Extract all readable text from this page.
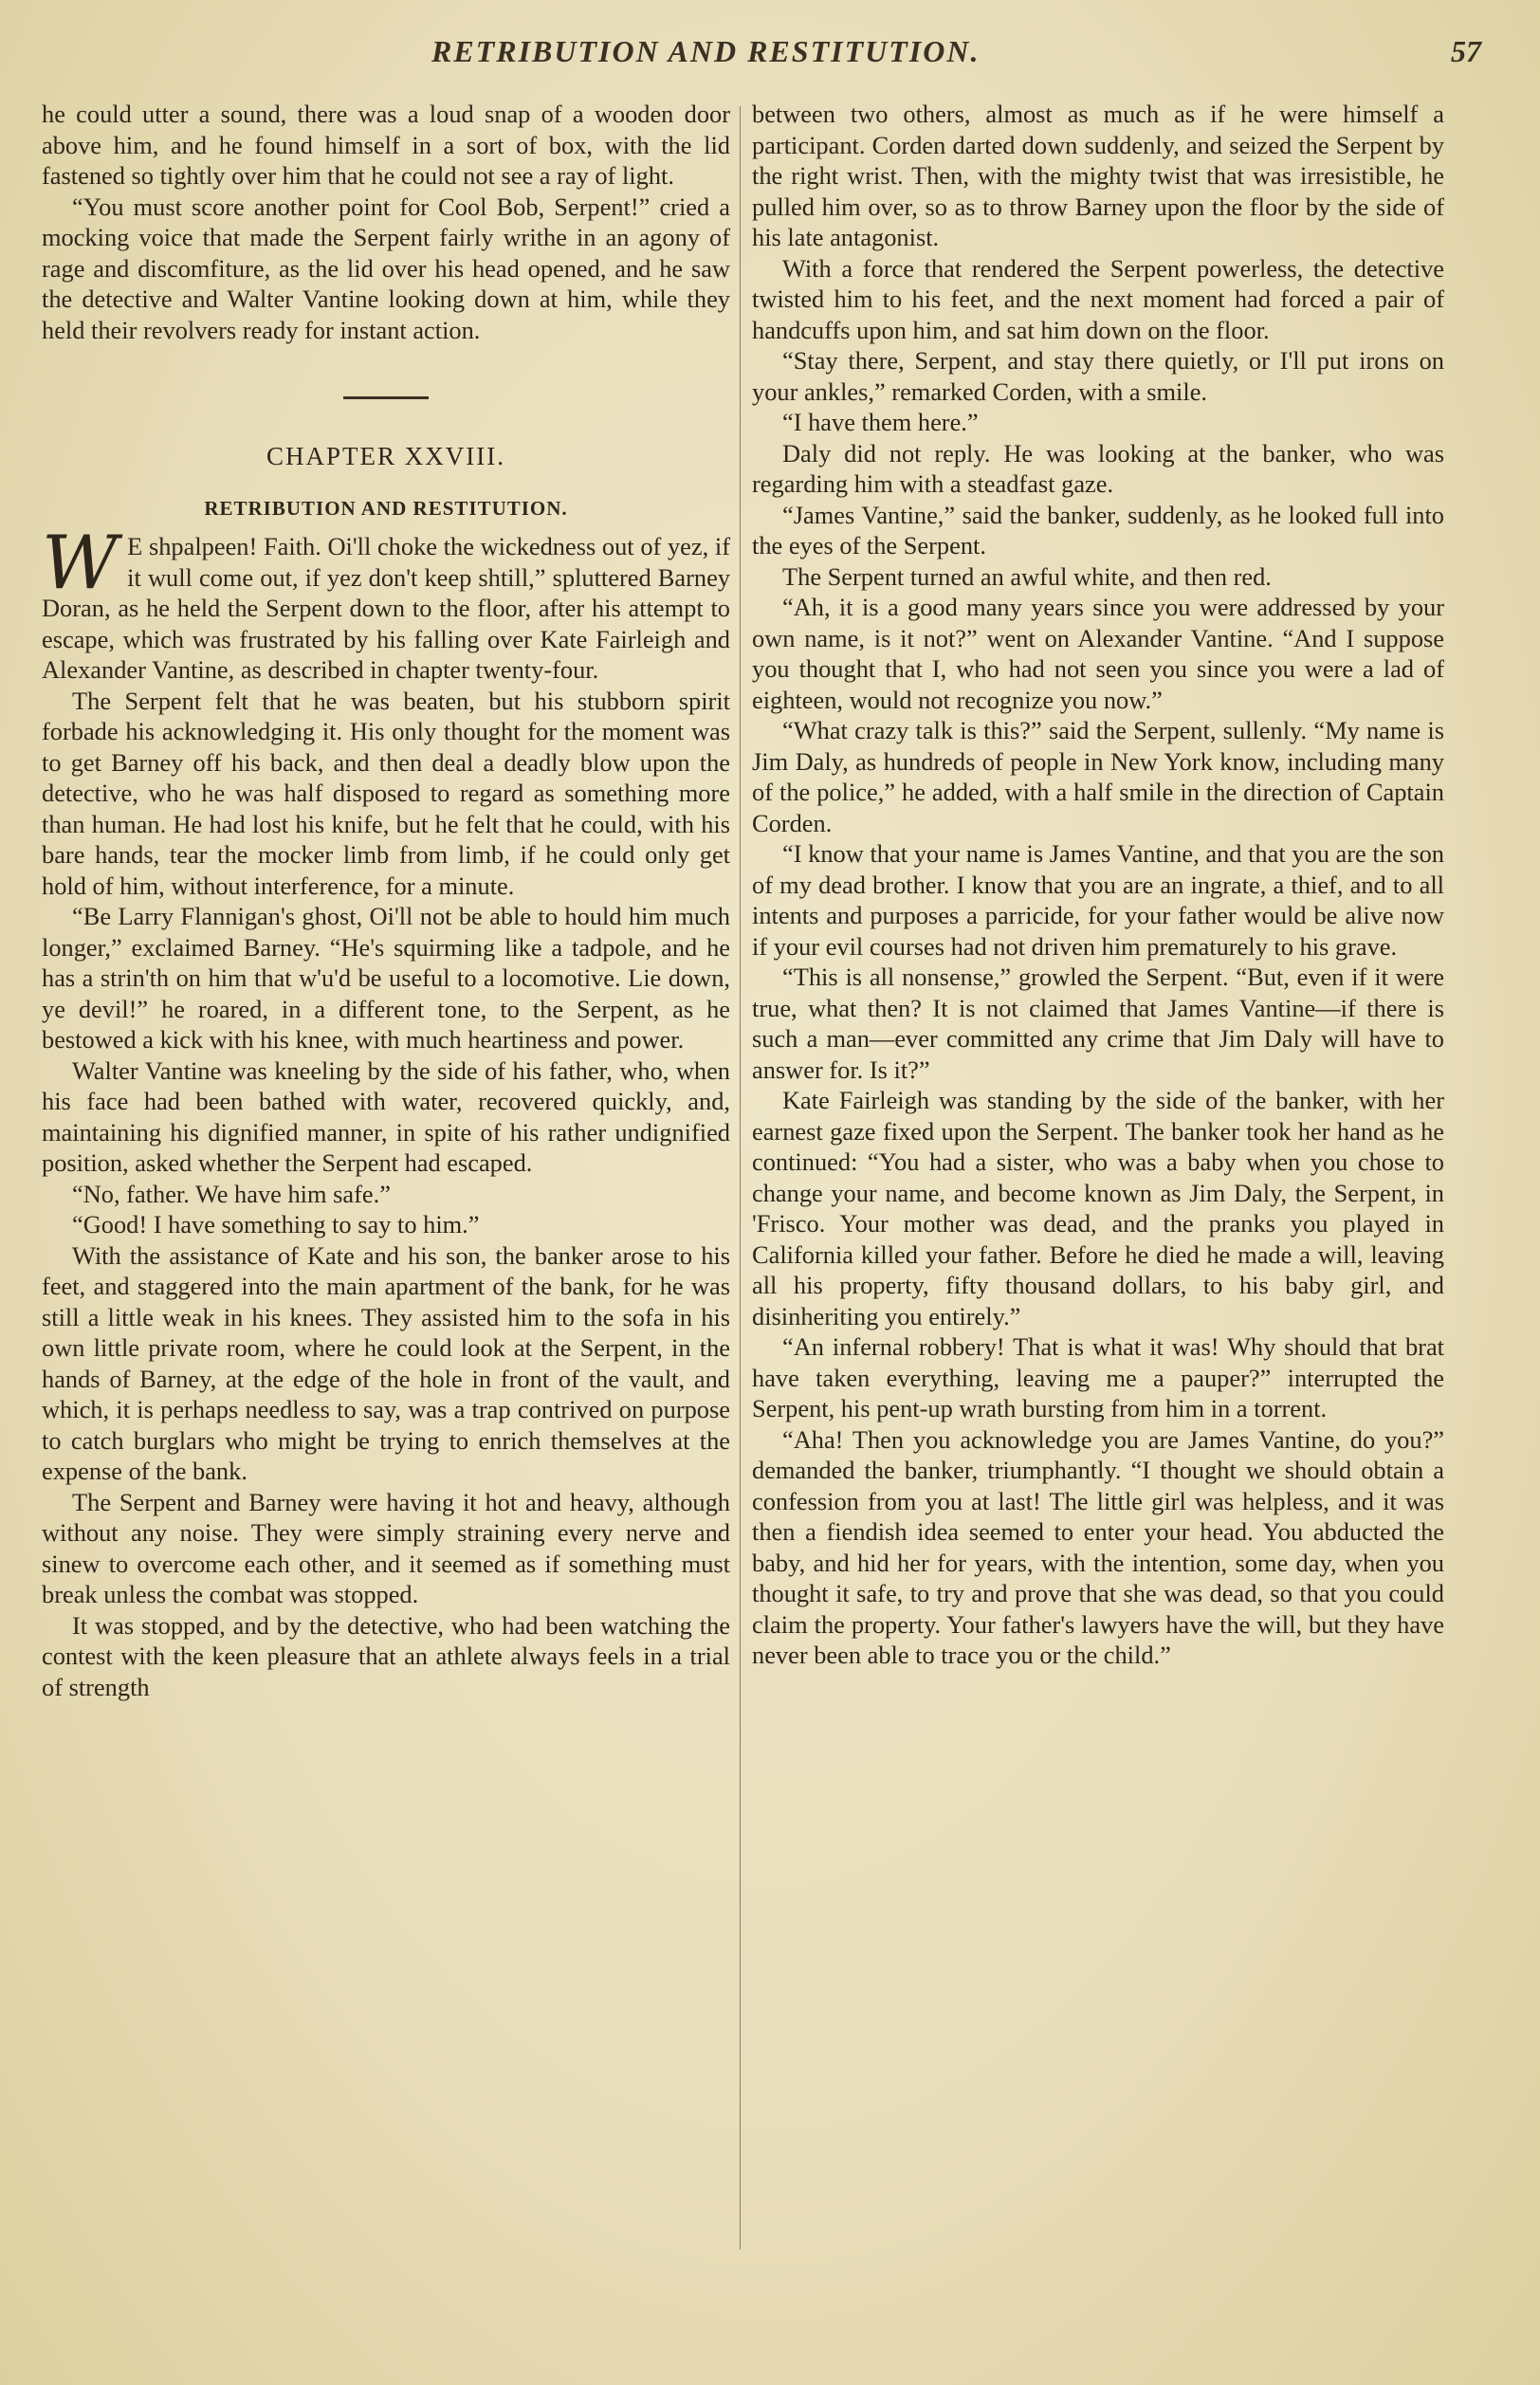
RETRIBUTION AND RESTITUTION.	57

he could utter a sound, there was a loud snap of a wooden door above him, and he found himself in a sort of box, with the lid fastened so tightly over him that he could not see a ray of light.

“You must score another point for Cool Bob, Serpent!” cried a mocking voice that made the Serpent fairly writhe in an agony of rage and discomfiture, as the lid over his head opened, and he saw the detective and Walter Vantine looking down at him, while they held their revolvers ready for instant action.

CHAPTER XXVIII.
RETRIBUTION AND RESTITUTION.

W E shpalpeen! Faith. Oi'll choke the wickedness out of yez, if it wull come out, if yez don't keep shtill,” spluttered Barney Doran, as he held the Serpent down to the floor, after his attempt to escape, which was frustrated by his falling over Kate Fairleigh and Alexander Vantine, as described in chapter twenty-four.

The Serpent felt that he was beaten, but his stubborn spirit forbade his acknowledging it. His only thought for the moment was to get Barney off his back, and then deal a deadly blow upon the detective, who he was half disposed to regard as something more than human. He had lost his knife, but he felt that he could, with his bare hands, tear the mocker limb from limb, if he could only get hold of him, without interference, for a minute.

“Be Larry Flannigan's ghost, Oi'll not be able to hould him much longer,” exclaimed Barney. “He's squirming like a tadpole, and he has a strin'th on him that w'u'd be useful to a locomotive. Lie down, ye devil!” he roared, in a different tone, to the Serpent, as he bestowed a kick with his knee, with much heartiness and power.

Walter Vantine was kneeling by the side of his father, who, when his face had been bathed with water, recovered quickly, and, maintaining his dignified manner, in spite of his rather undignified position, asked whether the Serpent had escaped.

“No, father. We have him safe.”

“Good! I have something to say to him.”

With the assistance of Kate and his son, the banker arose to his feet, and staggered into the main apartment of the bank, for he was still a little weak in his knees. They assisted him to the sofa in his own little private room, where he could look at the Serpent, in the hands of Barney, at the edge of the hole in front of the vault, and which, it is perhaps needless to say, was a trap contrived on purpose to catch burglars who might be trying to enrich themselves at the expense of the bank.

The Serpent and Barney were having it hot and heavy, although without any noise. They were simply straining every nerve and sinew to overcome each other, and it seemed as if something must break unless the combat was stopped.

It was stopped, and by the detective, who had been watching the contest with the keen pleasure that an athlete always feels in a trial of strength

between two others, almost as much as if he were himself a participant. Corden darted down suddenly, and seized the Serpent by the right wrist. Then, with the mighty twist that was irresistible, he pulled him over, so as to throw Barney upon the floor by the side of his late antagonist.

With a force that rendered the Serpent powerless, the detective twisted him to his feet, and the next moment had forced a pair of handcuffs upon him, and sat him down on the floor.

“Stay there, Serpent, and stay there quietly, or I'll put irons on your ankles,” remarked Corden, with a smile.

“I have them here.”

Daly did not reply. He was looking at the banker, who was regarding him with a steadfast gaze.

“James Vantine,” said the banker, suddenly, as he looked full into the eyes of the Serpent.

The Serpent turned an awful white, and then red.

“Ah, it is a good many years since you were addressed by your own name, is it not?” went on Alexander Vantine. “And I suppose you thought that I, who had not seen you since you were a lad of eighteen, would not recognize you now.”

“What crazy talk is this?” said the Serpent, sullenly. “My name is Jim Daly, as hundreds of people in New York know, including many of the police,” he added, with a half smile in the direction of Captain Corden.

“I know that your name is James Vantine, and that you are the son of my dead brother. I know that you are an ingrate, a thief, and to all intents and purposes a parricide, for your father would be alive now if your evil courses had not driven him prematurely to his grave.

“This is all nonsense,” growled the Serpent. “But, even if it were true, what then? It is not claimed that James Vantine—if there is such a man—ever committed any crime that Jim Daly will have to answer for. Is it?”

Kate Fairleigh was standing by the side of the banker, with her earnest gaze fixed upon the Serpent. The banker took her hand as he continued: “You had a sister, who was a baby when you chose to change your name, and become known as Jim Daly, the Serpent, in 'Frisco. Your mother was dead, and the pranks you played in California killed your father. Before he died he made a will, leaving all his property, fifty thousand dollars, to his baby girl, and disinheriting you entirely.”

“An infernal robbery! That is what it was! Why should that brat have taken everything, leaving me a pauper?” interrupted the Serpent, his pent-up wrath bursting from him in a torrent.

“Aha! Then you acknowledge you are James Vantine, do you?” demanded the banker, triumphantly. “I thought we should obtain a confession from you at last! The little girl was helpless, and it was then a fiendish idea seemed to enter your head. You abducted the baby, and hid her for years, with the intention, some day, when you thought it safe, to try and prove that she was dead, so that you could claim the property. Your father's lawyers have the will, but they have never been able to trace you or the child.”
